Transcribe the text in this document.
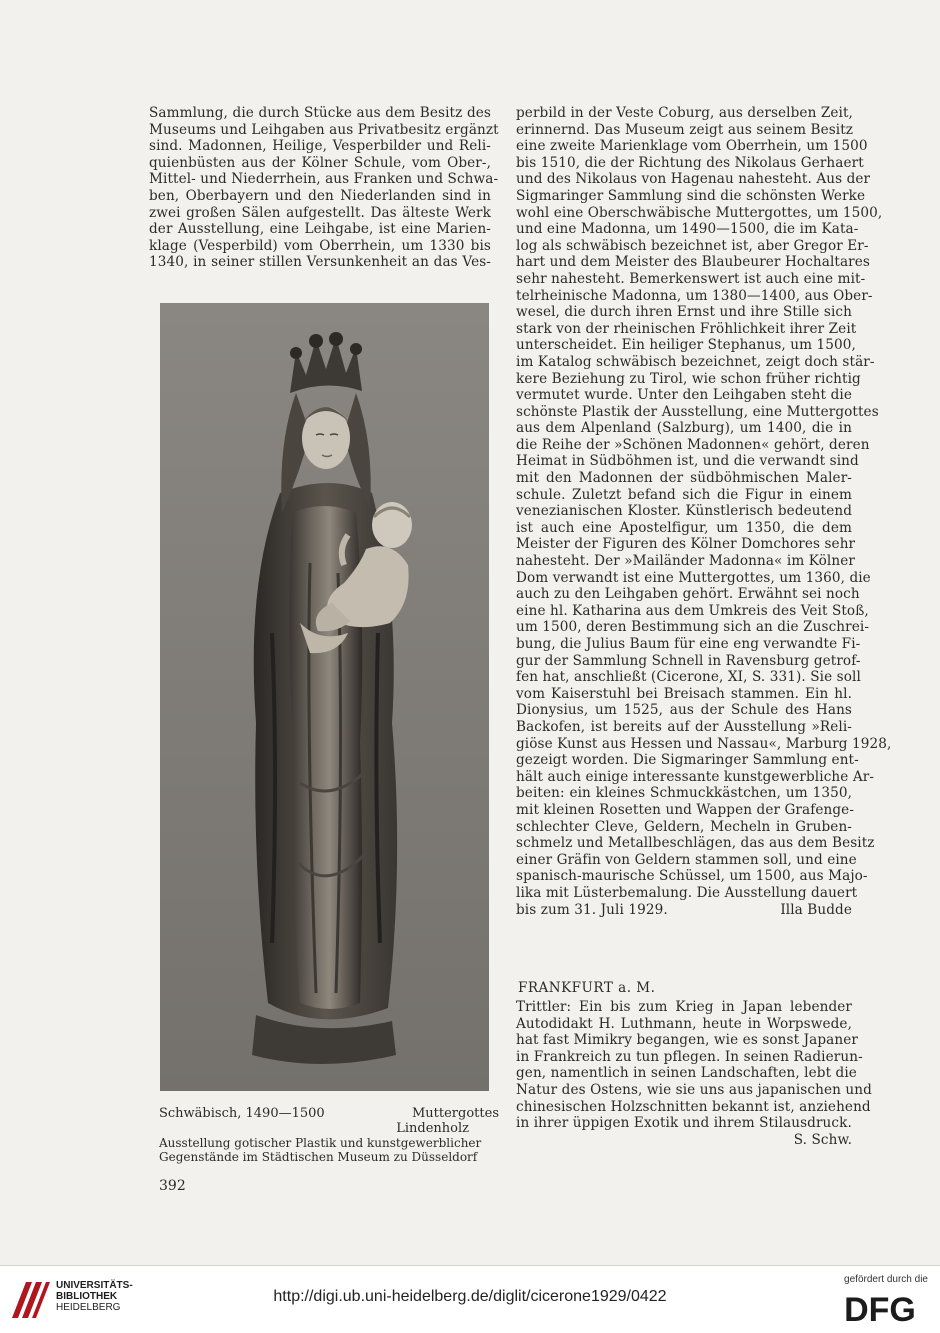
Sammlung, die durch Stücke aus dem Besitz des
Museums und Leihgaben aus Privatbesitz ergänzt
sind. Madonnen, Heilige, Vesperbilder und Reli-
quienbüsten aus der Kölner Schule, vom Ober-,
Mittel- und Niederrhein, aus Franken und Schwa-
ben, Oberbayern und den Niederlanden sind in
zwei großen Sälen aufgestellt. Das älteste Werk
der Ausstellung, eine Leihgabe, ist eine Marien-
klage (Vesperbild) vom Oberrhein, um 1330 bis
1340, in seiner stillen Versunkenheit an das Ves-
Schwäbisch, 1490—1500	Muttergottes
Lindenholz
Ausstellung gotischer Plastik und kunstgewerblicher
Gegenstände im Städtischen Museum zu Düsseldorf
392
perbild in der Veste Coburg, aus derselben Zeit,
erinnernd. Das Museum zeigt aus seinem Besitz
eine zweite Marienklage vom Oberrhein, um 1500
bis 1510, die der Richtung des Nikolaus Gerhaert
und des Nikolaus von Hagenau nahesteht. Aus der
Sigmaringer Sammlung sind die schönsten Werke
wohl eine Oberschwäbische Muttergottes, um 1500,
und eine Madonna, um 1490—1500, die im Kata-
log als schwäbisch bezeichnet ist, aber Gregor Er-
hart und dem Meister des Blaubeurer Hochaltares
sehr nahesteht. Bemerkenswert ist auch eine mit-
telrheinische Madonna, um 1380—1400, aus Ober-
wesel, die durch ihren Ernst und ihre Stille sich
stark von der rheinischen Fröhlichkeit ihrer Zeit
unterscheidet. Ein heiliger Stephanus, um 1500,
im Katalog schwäbisch bezeichnet, zeigt doch stär-
kere Beziehung zu Tirol, wie schon früher richtig
vermutet wurde. Unter den Leihgaben steht die
schönste Plastik der Ausstellung, eine Muttergottes
aus dem Alpenland (Salzburg), um 1400, die in
die Reihe der »Schönen Madonnen« gehört, deren
Heimat in Südböhmen ist, und die verwandt sind
mit den Madonnen der südböhmischen Maler-
schule. Zuletzt befand sich die Figur in einem
venezianischen Kloster. Künstlerisch bedeutend
ist auch eine Apostelfigur, um 1350, die dem
Meister der Figuren des Kölner Domchores sehr
nahesteht. Der »Mailänder Madonna« im Kölner
Dom verwandt ist eine Muttergottes, um 1360, die
auch zu den Leihgaben gehört. Erwähnt sei noch
eine hl. Katharina aus dem Umkreis des Veit Stoß,
um 1500, deren Bestimmung sich an die Zuschrei-
bung, die Julius Baum für eine eng verwandte Fi-
gur der Sammlung Schnell in Ravensburg getrof-
fen hat, anschließt (Cicerone, XI, S. 331). Sie soll
vom Kaiserstuhl bei Breisach stammen. Ein hl.
Dionysius, um 1525, aus der Schule des Hans
Backofen, ist bereits auf der Ausstellung »Reli-
giöse Kunst aus Hessen und Nassau«, Marburg 1928,
gezeigt worden. Die Sigmaringer Sammlung ent-
hält auch einige interessante kunstgewerbliche Ar-
beiten: ein kleines Schmuckkästchen, um 1350,
mit kleinen Rosetten und Wappen der Grafenge-
schlechter Cleve, Geldern, Mecheln in Gruben-
schmelz und Metallbeschlägen, das aus dem Besitz
einer Gräfin von Geldern stammen soll, und eine
spanisch-maurische Schüssel, um 1500, aus Majo-
lika mit Lüsterbemalung. Die Ausstellung dauert
bis zum 31. Juli 1929.	Illa Budde
FRANKFURT a. M.
Trittler: Ein bis zum Krieg in Japan lebender
Autodidakt H. Luthmann, heute in Worpswede,
hat fast Mimikry begangen, wie es sonst Japaner
in Frankreich zu tun pflegen. In seinen Radierun-
gen, namentlich in seinen Landschaften, lebt die
Natur des Ostens, wie sie uns aus japanischen und
chinesischen Holzschnitten bekannt ist, anziehend
in ihrer üppigen Exotik und ihrem Stilausdruck.
S. Schw.
UNIVERSITÄTS-
BIBLIOTHEK
HEIDELBERG
http://digi.ub.uni-heidelberg.de/diglit/cicerone1929/0422
gefördert durch die
DFG
